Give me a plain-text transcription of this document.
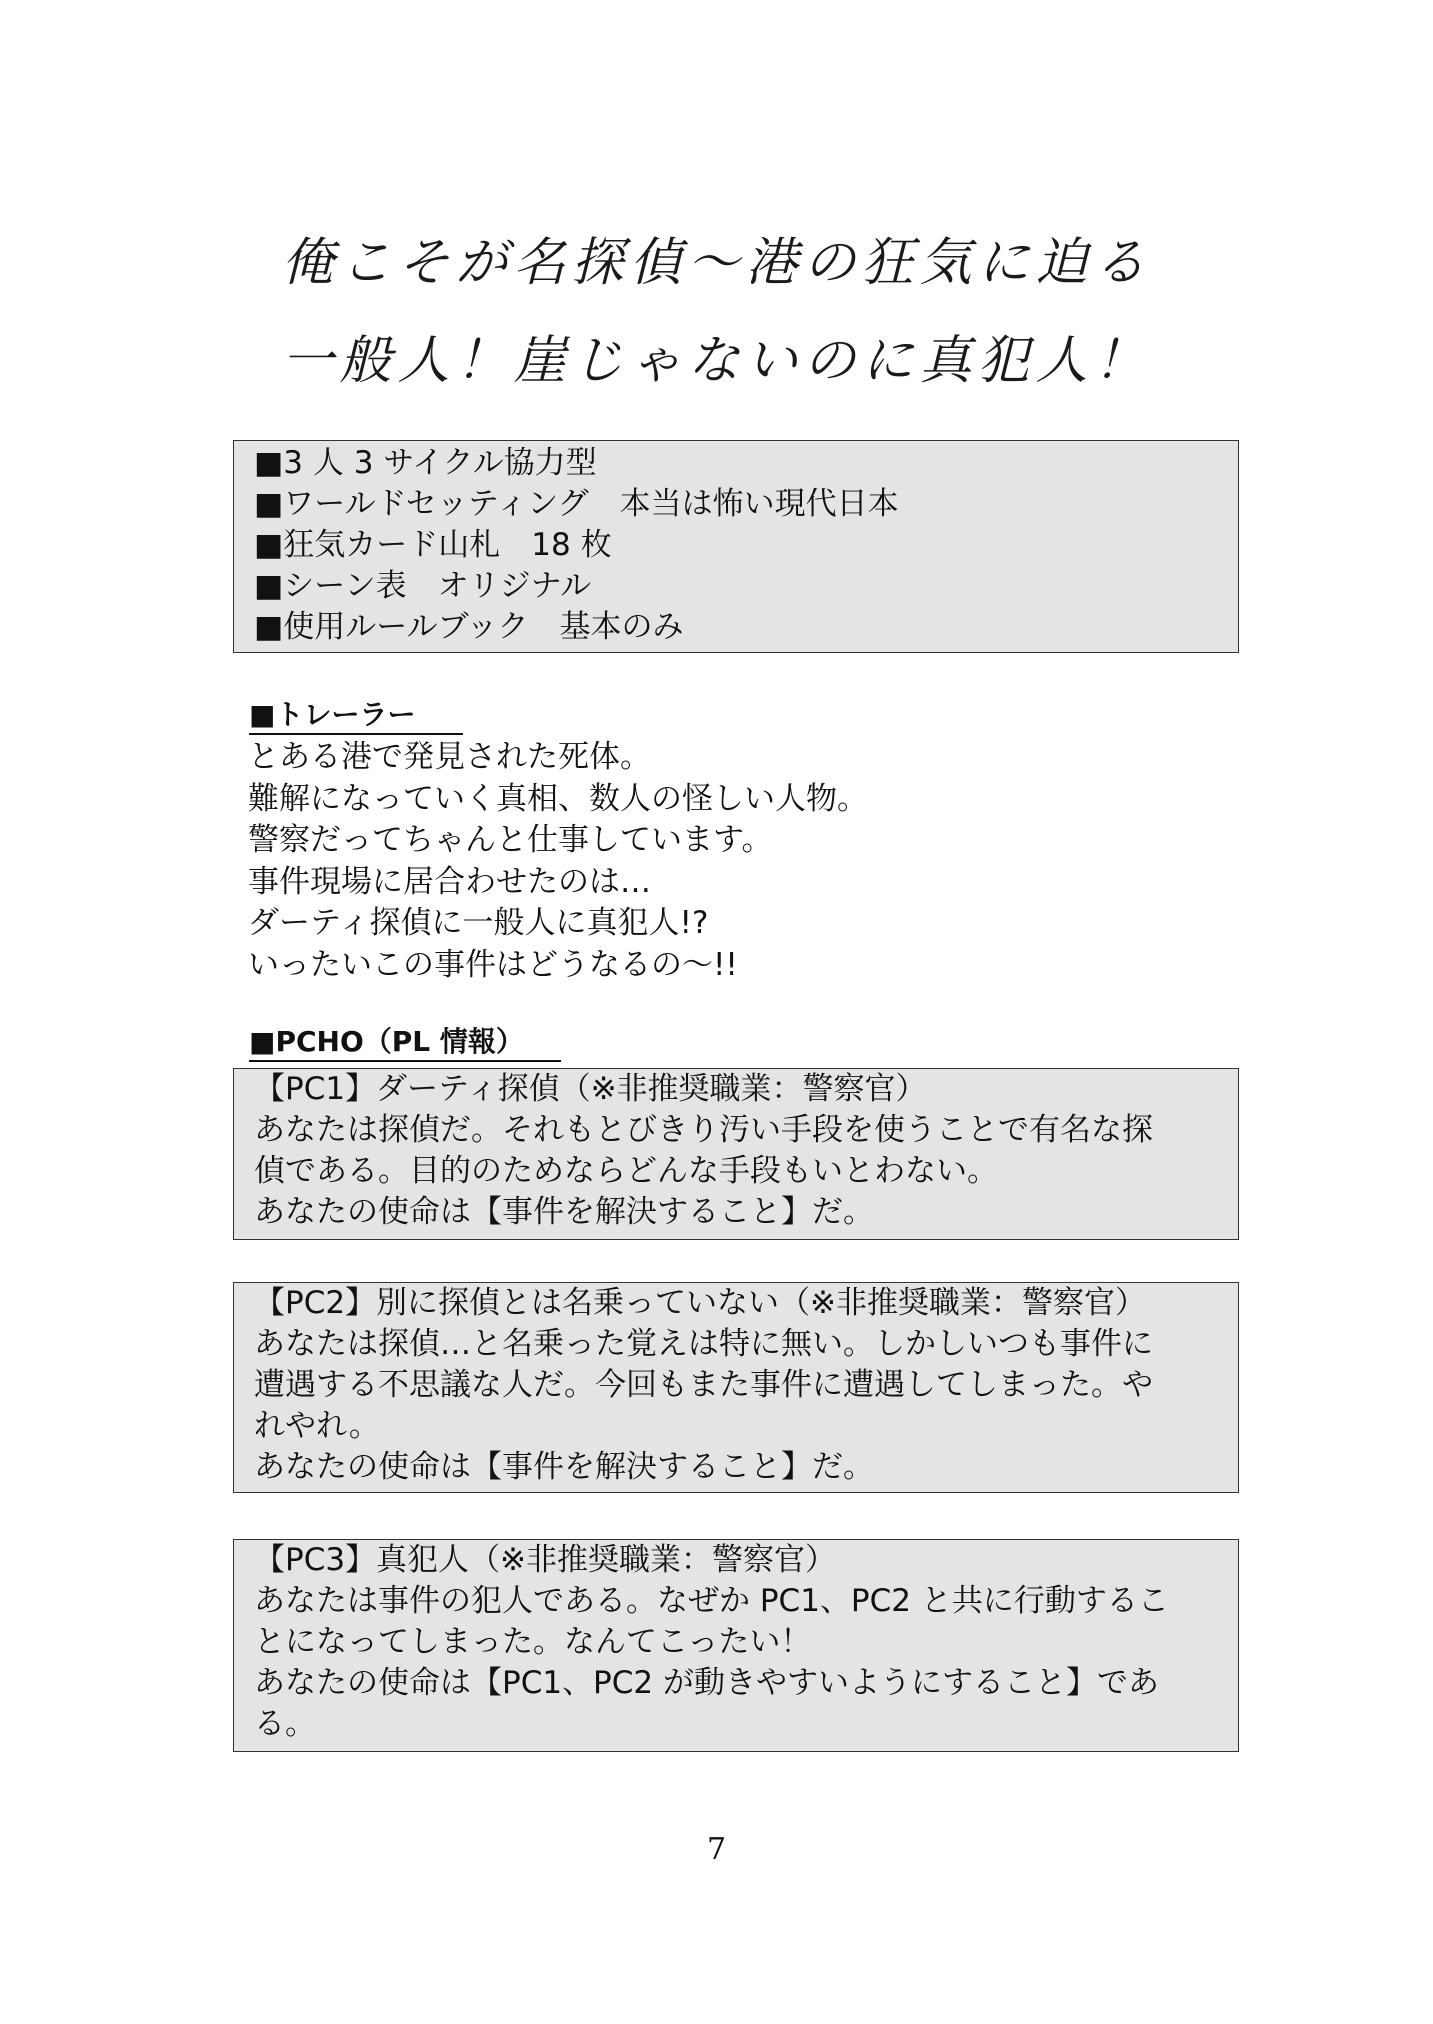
俺こそが名探偵〜港の狂気に迫る
一般人！崖じゃないのに真犯人！
■3 人 3 サイクル協力型
■ワールドセッティング　本当は怖い現代日本
■狂気カード山札　18 枚
■シーン表　オリジナル
■使用ルールブック　基本のみ
■トレーラー
とある港で発見された死体。
難解になっていく真相、数人の怪しい人物。
警察だってちゃんと仕事しています。
事件現場に居合わせたのは…
ダーティ探偵に一般人に真犯人!?
いったいこの事件はどうなるの〜!!
■PCHO（PL 情報）
【PC1】ダーティ探偵（※非推奨職業：警察官）
あなたは探偵だ。それもとびきり汚い手段を使うことで有名な探
偵である。目的のためならどんな手段もいとわない。
あなたの使命は【事件を解決すること】だ。
【PC2】別に探偵とは名乗っていない（※非推奨職業：警察官）
あなたは探偵…と名乗った覚えは特に無い。しかしいつも事件に
遭遇する不思議な人だ。今回もまた事件に遭遇してしまった。や
れやれ。
あなたの使命は【事件を解決すること】だ。
【PC3】真犯人（※非推奨職業：警察官）
あなたは事件の犯人である。なぜか PC1、PC2 と共に行動するこ
とになってしまった。なんてこったい！
あなたの使命は【PC1、PC2 が動きやすいようにすること】であ
る。
7
